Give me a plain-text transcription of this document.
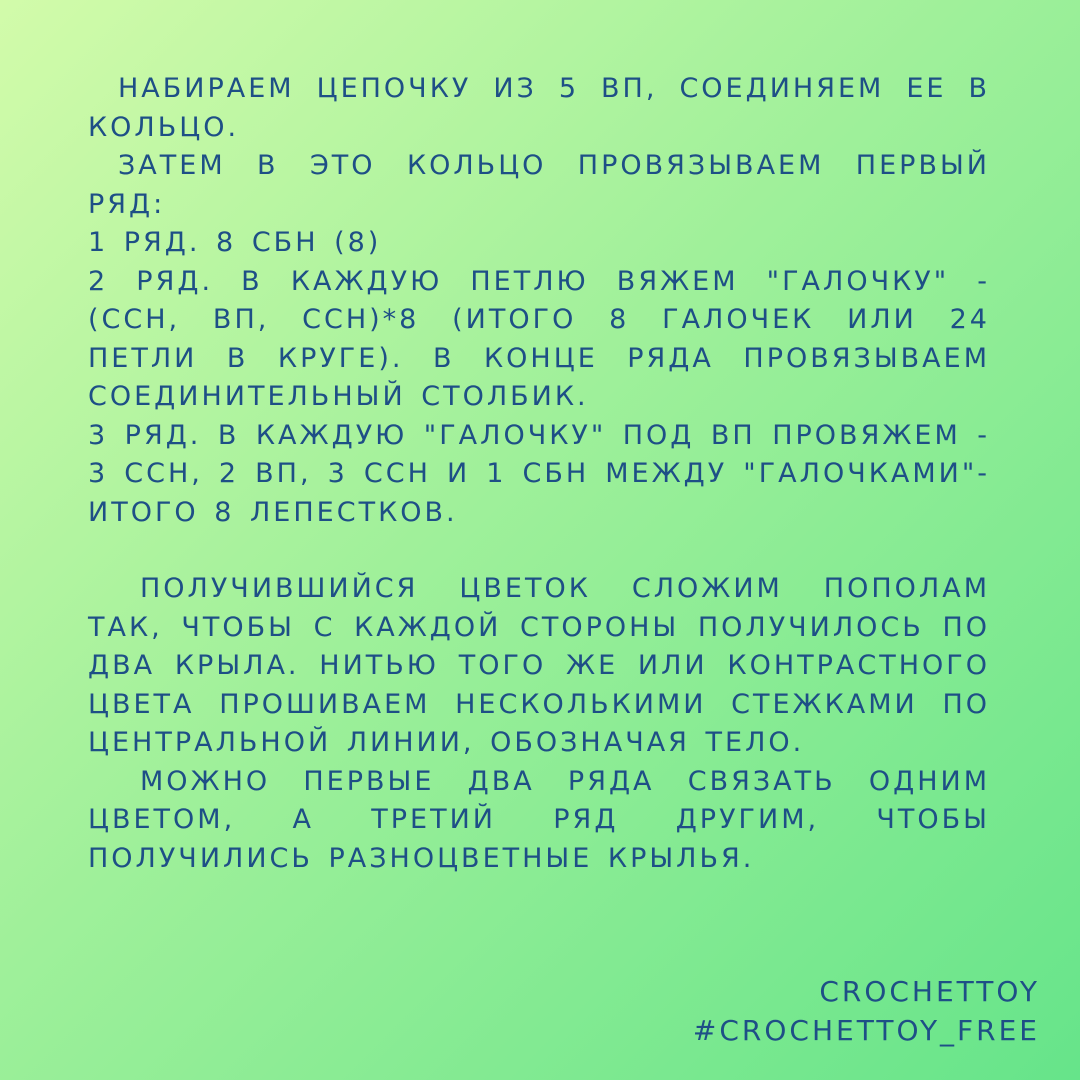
НАБИРАЕМ ЦЕПОЧКУ ИЗ 5 ВП, СОЕДИНЯЕМ ЕЕ В КОЛЬЦО.

ЗАТЕМ В ЭТО КОЛЬЦО ПРОВЯЗЫВАЕМ ПЕРВЫЙ РЯД:

1 РЯД. 8 СБН (8)

2 РЯД. В КАЖДУЮ ПЕТЛЮ ВЯЖЕМ "ГАЛОЧКУ" - (ССН, ВП, ССН)*8 (ИТОГО 8 ГАЛОЧЕК ИЛИ 24 ПЕТЛИ В КРУГЕ). В КОНЦЕ РЯДА ПРОВЯЗЫВАЕМ СОЕДИНИТЕЛЬНЫЙ СТОЛБИК.

3 РЯД. В КАЖДУЮ "ГАЛОЧКУ" ПОД ВП ПРОВЯЖЕМ - 3 ССН, 2 ВП, 3 ССН И 1 СБН МЕЖДУ "ГАЛОЧКАМИ"- ИТОГО 8 ЛЕПЕСТКОВ.

ПОЛУЧИВШИЙСЯ ЦВЕТОК СЛОЖИМ ПОПОЛАМ ТАК, ЧТОБЫ С КАЖДОЙ СТОРОНЫ ПОЛУЧИЛОСЬ ПО ДВА КРЫЛА. НИТЬЮ ТОГО ЖЕ ИЛИ КОНТРАСТНОГО ЦВЕТА ПРОШИВАЕМ НЕСКОЛЬКИМИ СТЕЖКАМИ ПО ЦЕНТРАЛЬНОЙ ЛИНИИ, ОБОЗНАЧАЯ ТЕЛО.

МОЖНО ПЕРВЫЕ ДВА РЯДА СВЯЗАТЬ ОДНИМ ЦВЕТОМ, А ТРЕТИЙ РЯД ДРУГИМ, ЧТОБЫ ПОЛУЧИЛИСЬ РАЗНОЦВЕТНЫЕ КРЫЛЬЯ.

CROCHETTOY
#CROCHETTOY_FREE
